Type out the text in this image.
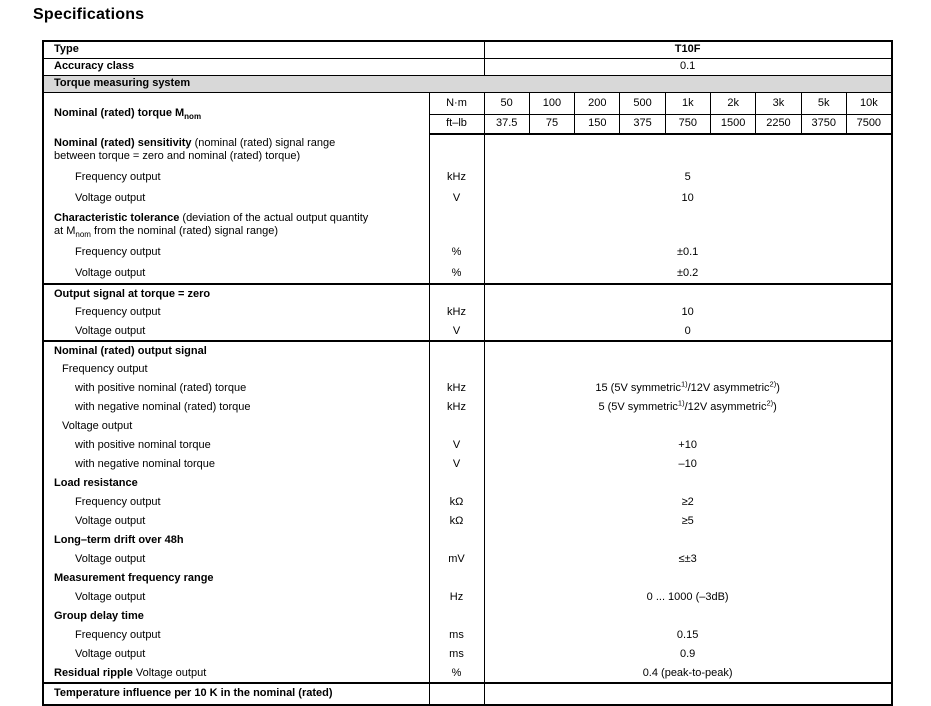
Specifications
Type		T10F								
Accuracy class		0.1								
Torque measuring system										
Nominal (rated) torque $M_{nom}$	N·m	50	100	200	500	1k	2k	3k	5k	10k
	ft–lb	37.5	75	150	375	750	1500	2250	3750	7500

Nominal (rated) sensitivity (nominal (rated) signal range between torque = zero and nominal (rated) torque)										

Frequency output	kHz	5								
Voltage output	V	10								

Characteristic tolerance (deviation of the actual output quantity at $M_{nom}$ from the nominal (rated) signal range)										

Frequency output	%	±0.1								
Voltage output	%	±0.2								
Output signal at torque = zero										
Frequency output	kHz	10								
Voltage output	V	0								
Nominal (rated) output signal										
Frequency output										
with positive nominal (rated) torque	kHz	15 (5V symmetric$^{1)}$/12V asymmetric$^{2)}$)								
with negative nominal (rated) torque	kHz	5 (5V symmetric$^{1)}$/12V asymmetric$^{2)}$)								
Voltage output										
with positive nominal torque	V	+10								
with negative nominal torque	V	–10								
Load resistance										
Frequency output	kΩ	≥2								
Voltage output	kΩ	≥5								
Long–term drift over 48h										
Voltage output	mV	≤±3								
Measurement frequency range										
Voltage output	Hz	0 ... 1000 (–3dB)								
Group delay time										
Frequency output	ms	0.15								
Voltage output	ms	0.9								
Residual ripple Voltage output	%	0.4 (peak-to-peak)								
Temperature influence per 10 K in the nominal (rated)										
